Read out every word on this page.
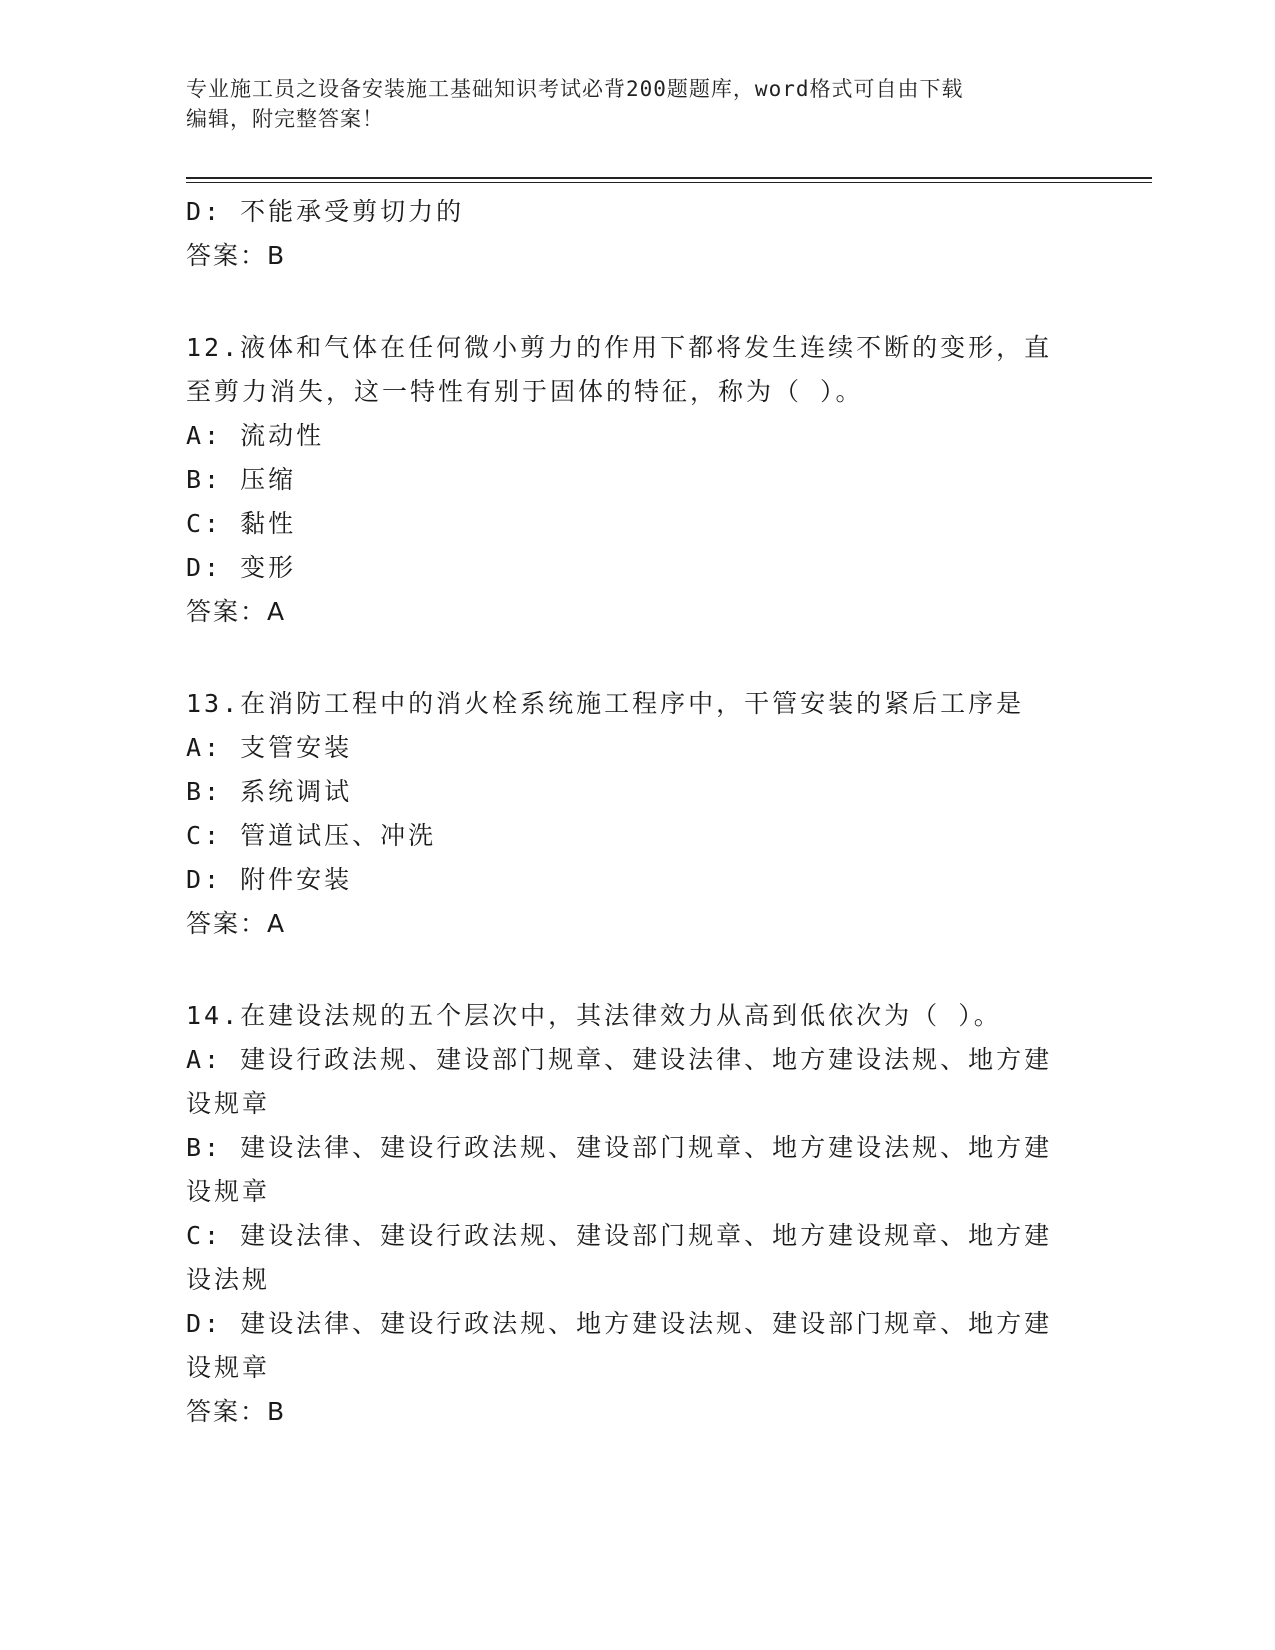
专业施工员之设备安装施工基础知识考试必背200题题库，word格式可自由下载
编辑，附完整答案！
D: 不能承受剪切力的
答案：B
12.液体和气体在任何微小剪力的作用下都将发生连续不断的变形，直
至剪力消失，这一特性有别于固体的特征，称为（ ）。
A: 流动性
B: 压缩
C: 黏性
D: 变形
答案：A
13.在消防工程中的消火栓系统施工程序中，干管安装的紧后工序是
A: 支管安装
B: 系统调试
C: 管道试压、冲洗
D: 附件安装
答案：A
14.在建设法规的五个层次中，其法律效力从高到低依次为（ ）。
A: 建设行政法规、建设部门规章、建设法律、地方建设法规、地方建
设规章
B: 建设法律、建设行政法规、建设部门规章、地方建设法规、地方建
设规章
C: 建设法律、建设行政法规、建设部门规章、地方建设规章、地方建
设法规
D: 建设法律、建设行政法规、地方建设法规、建设部门规章、地方建
设规章
答案：B
